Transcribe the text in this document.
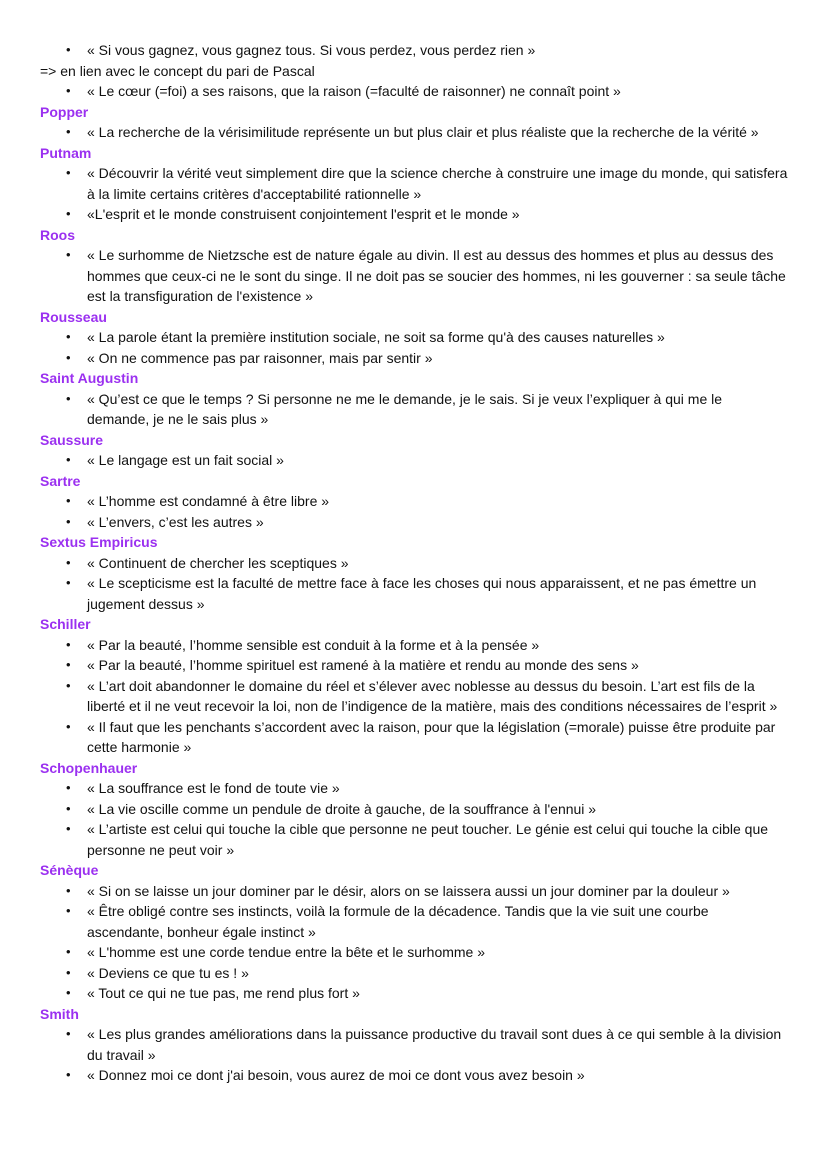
• « Si vous gagnez, vous gagnez tous. Si vous perdez, vous perdez rien »
=> en lien avec le concept du pari de Pascal
• « Le cœur (=foi) a ses raisons, que la raison (=faculté de raisonner) ne connaît point »
Popper
• « La recherche de la vérisimilitude représente un but plus clair et plus réaliste que la recherche de la vérité »
Putnam
• « Découvrir la vérité veut simplement dire que la science cherche à construire une image du monde, qui satisfera à la limite certains critères d'acceptabilité rationnelle »
• «L'esprit et le monde construisent conjointement l'esprit et le monde »
Roos
• « Le surhomme de Nietzsche est de nature égale au divin. Il est au dessus des hommes et plus au dessus des hommes que ceux-ci ne le sont du singe. Il ne doit pas se soucier des hommes, ni les gouverner : sa seule tâche est la transfiguration de l'existence »
Rousseau
• « La parole étant la première institution sociale, ne soit sa forme qu'à des causes naturelles »
• « On ne commence pas par raisonner, mais par sentir »
Saint Augustin
• « Qu’est ce que le temps ? Si personne ne me le demande, je le sais. Si je veux l’expliquer à qui me le demande, je ne le sais plus »
Saussure
• « Le langage est un fait social »
Sartre
• « L’homme est condamné à être libre »
• « L’envers, c’est les autres »
Sextus Empiricus
• « Continuent de chercher les sceptiques »
• « Le scepticisme est la faculté de mettre face à face les choses qui nous apparaissent, et ne pas émettre un jugement dessus »
Schiller
• « Par la beauté, l’homme sensible est conduit à la forme et à la pensée »
• « Par la beauté, l’homme spirituel est ramené à la matière et rendu au monde des sens »
• « L’art doit abandonner le domaine du réel et s’élever avec noblesse au dessus du besoin. L’art est fils de la liberté et il ne veut recevoir la loi, non de l’indigence de la matière, mais des conditions nécessaires de l’esprit »
• « Il faut que les penchants s’accordent avec la raison, pour que la législation (=morale) puisse être produite par cette harmonie »
Schopenhauer
• « La souffrance est le fond de toute vie »
• « La vie oscille comme un pendule de droite à gauche, de la souffrance à l'ennui »
• « L’artiste est celui qui touche la cible que personne ne peut toucher. Le génie est celui qui touche la cible que personne ne peut voir »
Sénèque
• « Si on se laisse un jour dominer par le désir, alors on se laissera aussi un jour dominer par la douleur »
• « Être obligé contre ses instincts, voilà la formule de la décadence. Tandis que la vie suit une courbe ascendante, bonheur égale instinct »
• « L'homme est une corde tendue entre la bête et le surhomme »
• « Deviens ce que tu es ! »
• « Tout ce qui ne tue pas, me rend plus fort »
Smith
• « Les plus grandes améliorations dans la puissance productive du travail sont dues à ce qui semble à la division du travail »
• « Donnez moi ce dont j'ai besoin, vous aurez de moi ce dont vous avez besoin »
